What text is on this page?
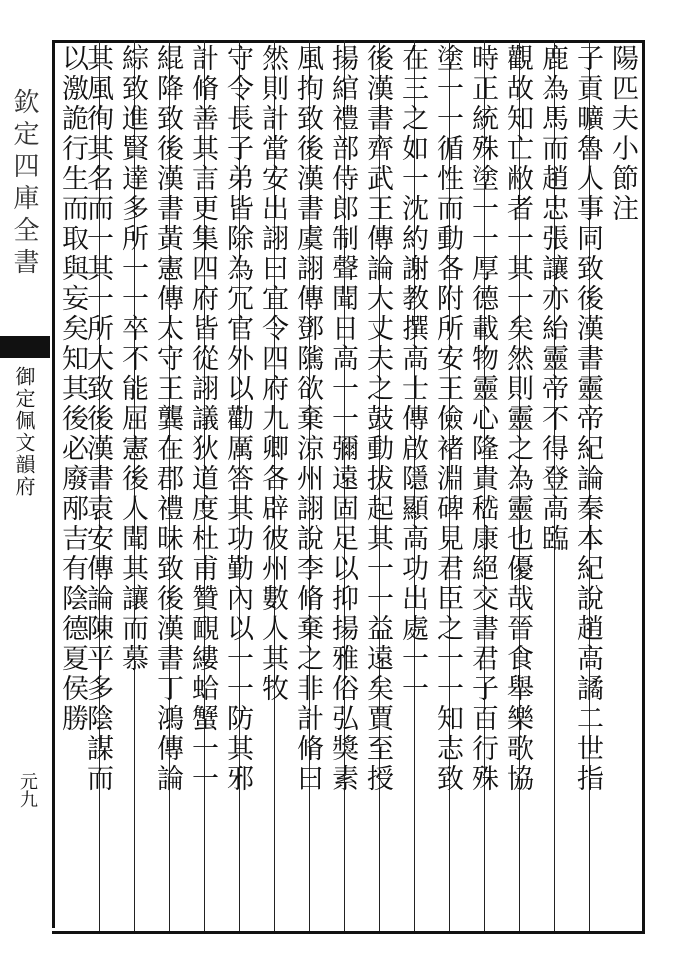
欽定四庫全書
御定佩文韻府
元九
陽匹夫小節注
子貢曠魯人事同致後漢書靈帝紀論秦本紀說趙高譎二世指
鹿為馬而趙忠張讓亦紿靈帝不得登高臨
觀故知亡敝者一其一矣然則靈之為靈也優哉晉食舉樂歌協
時正統殊塗一一厚德載物靈心隆貴嵇康絕交書君子百行殊
塗一一循性而動各附所安王儉褚淵碑見君臣之一一知志致
在三之如一沈約謝教撰高士傳啟隱顯高功出處一一
後漢書齊武王傳論大丈夫之鼓動拔起其一一益遠矣賈至授
揚綰禮部侍郎制聲聞日高一一彌遠固足以抑揚雅俗弘獎素
風拘致後漢書虞詡傳鄧隲欲棄涼州詡說李脩棄之非計脩曰
然則計當安出詡曰宜令四府九卿各辟彼州數人其牧
守令長子弟皆除為冗官外以勸厲答其功勤內以一一防其邪
計脩善其言更集四府皆從詡議狄道度杜甫贊靦縷蛤蟹一一
緄降致後漢書黃憲傳太守王龔在郡禮昧致後漢書丁鴻傳論
綜致進賢達多所一一卒不能屈憲後人聞其讓而慕
其風徇其名而一其一所大致後漢書袁安傳論陳平多陰謀而
以激詭行生而取與妄矣知其後必廢邴吉有陰德夏侯勝
